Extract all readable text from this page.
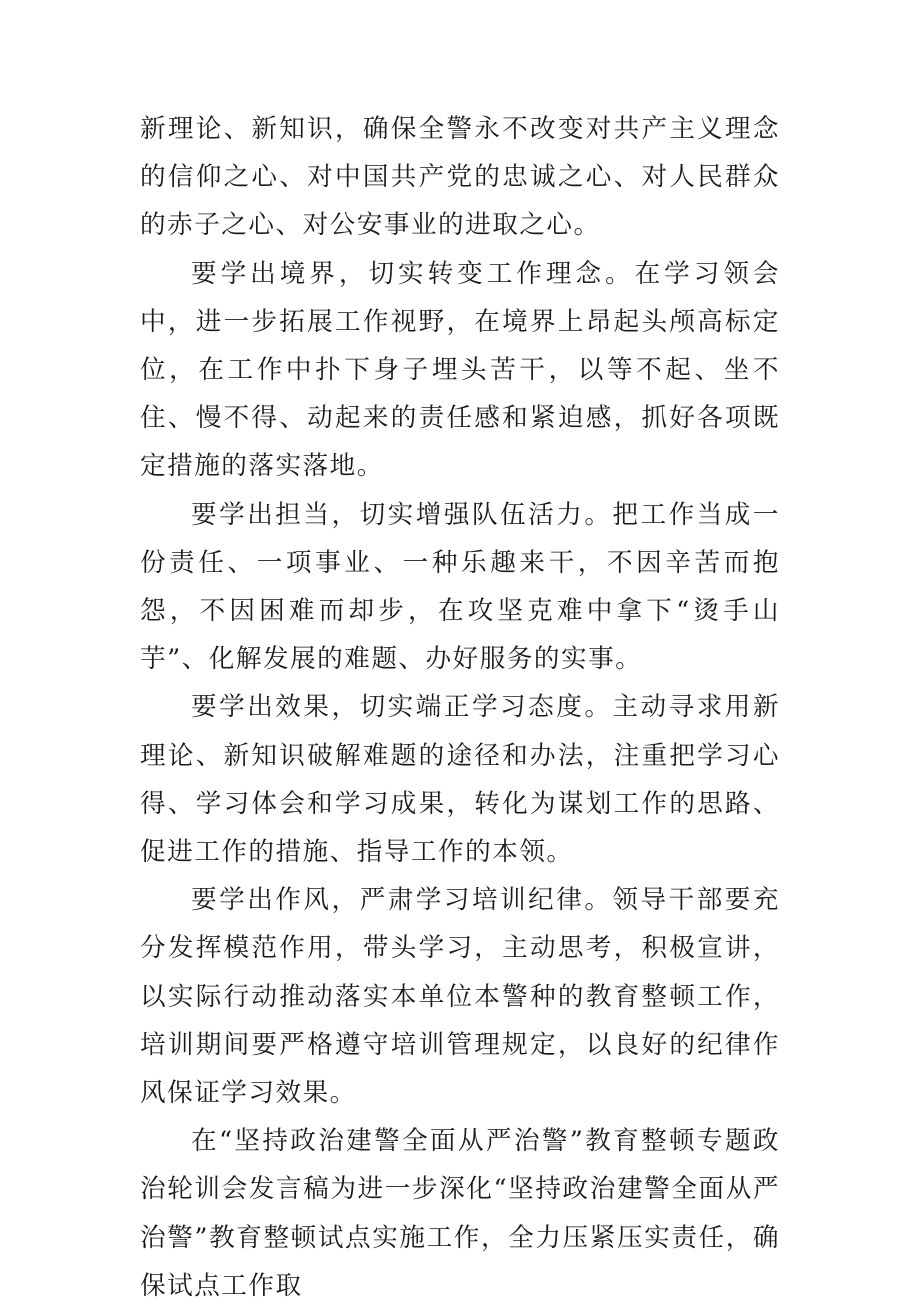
新理论、新知识，确保全警永不改变对共产主义理念的信仰之心、对中国共产党的忠诚之心、对人民群众的赤子之心、对公安事业的进取之心。

要学出境界，切实转变工作理念。在学习领会中，进一步拓展工作视野，在境界上昂起头颅高标定位，在工作中扑下身子埋头苦干，以等不起、坐不住、慢不得、动起来的责任感和紧迫感，抓好各项既定措施的落实落地。

要学出担当，切实增强队伍活力。把工作当成一份责任、一项事业、一种乐趣来干，不因辛苦而抱怨，不因困难而却步，在攻坚克难中拿下“烫手山芋”、化解发展的难题、办好服务的实事。

要学出效果，切实端正学习态度。主动寻求用新理论、新知识破解难题的途径和办法，注重把学习心得、学习体会和学习成果，转化为谋划工作的思路、促进工作的措施、指导工作的本领。

要学出作风，严肃学习培训纪律。领导干部要充分发挥模范作用，带头学习，主动思考，积极宣讲，以实际行动推动落实本单位本警种的教育整顿工作，培训期间要严格遵守培训管理规定，以良好的纪律作风保证学习效果。

在“坚持政治建警全面从严治警”教育整顿专题政治轮训会发言稿为进一步深化“坚持政治建警全面从严治警”教育整顿试点实施工作，全力压紧压实责任，确保试点工作取
